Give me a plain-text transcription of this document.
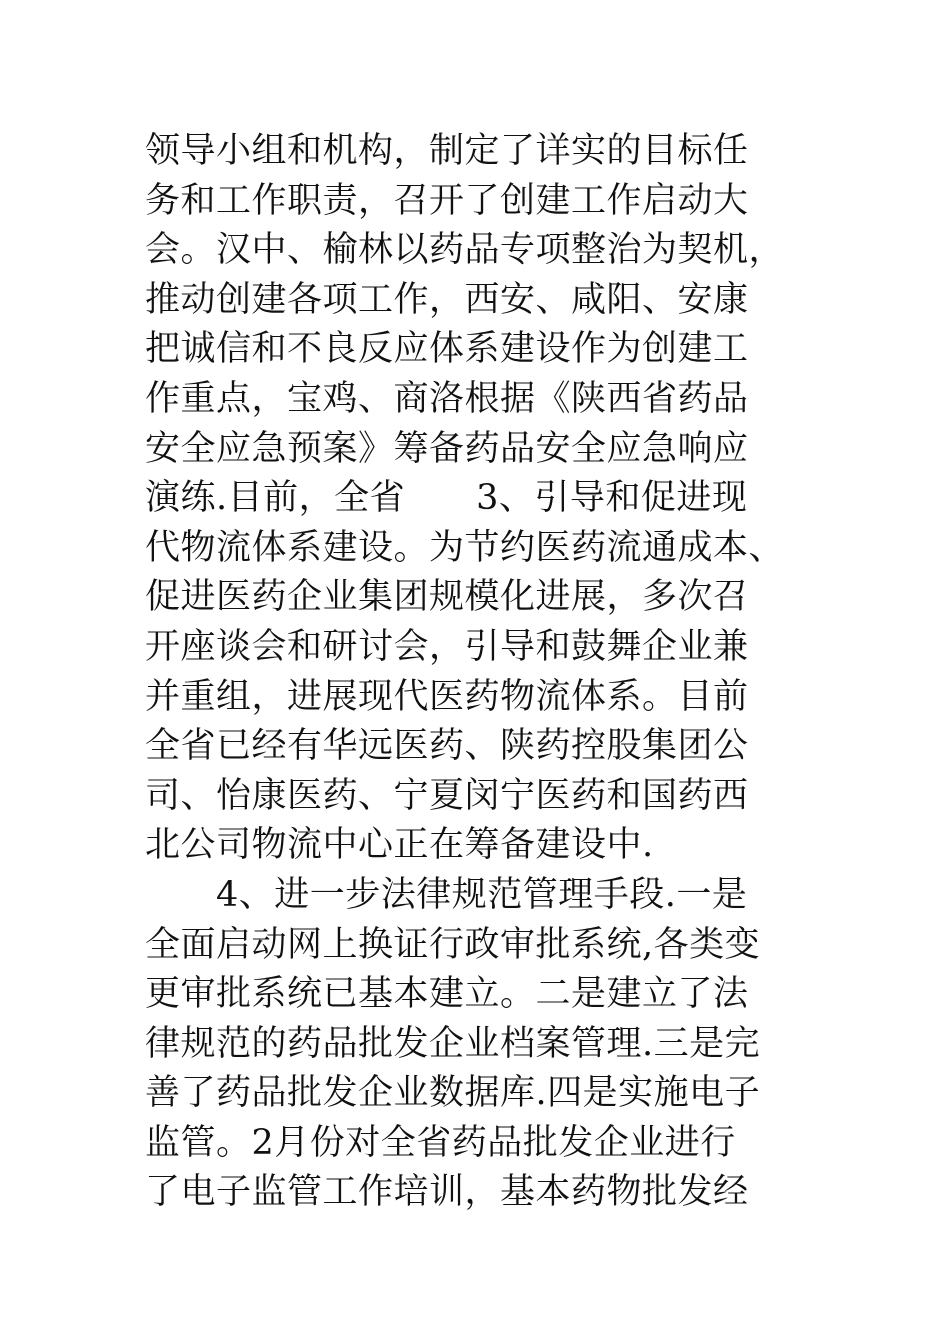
领导小组和机构，制定了详实的目标任
务和工作职责，召开了创建工作启动大
会。汉中、榆林以药品专项整治为契机，
推动创建各项工作，西安、咸阳、安康
把诚信和不良反应体系建设作为创建工
作重点，宝鸡、商洛根据《陕西省药品
安全应急预案》筹备药品安全应急响应
演练.目前，全省　　3、引导和促进现
代物流体系建设。为节约医药流通成本、
促进医药企业集团规模化进展，多次召
开座谈会和研讨会，引导和鼓舞企业兼
并重组，进展现代医药物流体系。目前
全省已经有华远医药、陕药控股集团公
司、怡康医药、宁夏闵宁医药和国药西
北公司物流中心正在筹备建设中.
　　4、进一步法律规范管理手段.一是
全面启动网上换证行政审批系统,各类变
更审批系统已基本建立。二是建立了法
律规范的药品批发企业档案管理.三是完
善了药品批发企业数据库.四是实施电子
监管。2月份对全省药品批发企业进行
了电子监管工作培训，基本药物批发经
